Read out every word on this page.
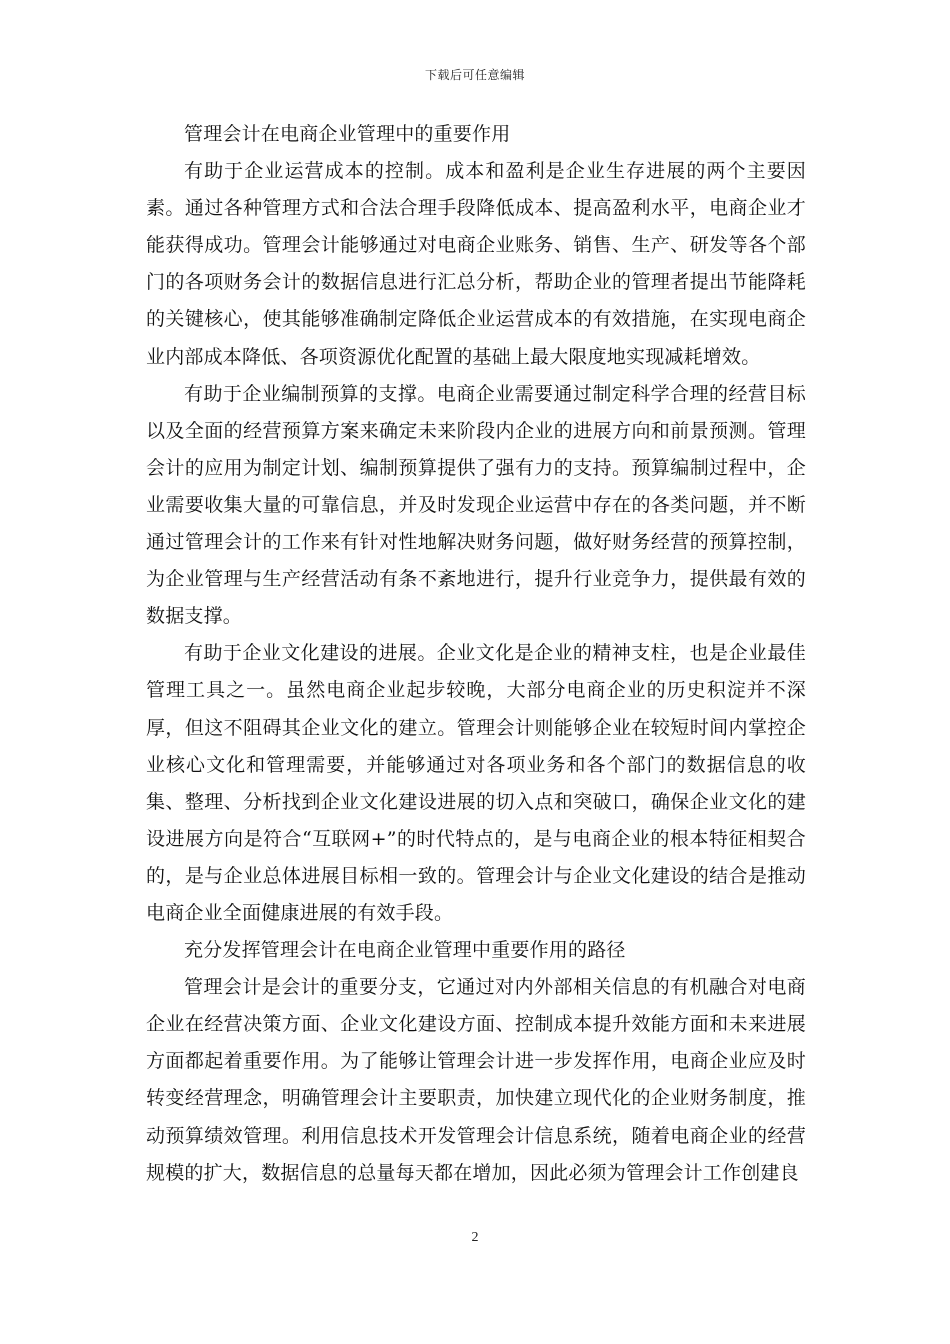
下载后可任意编辑

管理会计在电商企业管理中的重要作用

有助于企业运营成本的控制。成本和盈利是企业生存进展的两个主要因素。通过各种管理方式和合法合理手段降低成本、提高盈利水平，电商企业才能获得成功。管理会计能够通过对电商企业账务、销售、生产、研发等各个部门的各项财务会计的数据信息进行汇总分析，帮助企业的管理者提出节能降耗的关键核心，使其能够准确制定降低企业运营成本的有效措施，在实现电商企业内部成本降低、各项资源优化配置的基础上最大限度地实现减耗增效。

有助于企业编制预算的支撑。电商企业需要通过制定科学合理的经营目标以及全面的经营预算方案来确定未来阶段内企业的进展方向和前景预测。管理会计的应用为制定计划、编制预算提供了强有力的支持。预算编制过程中，企业需要收集大量的可靠信息，并及时发现企业运营中存在的各类问题，并不断通过管理会计的工作来有针对性地解决财务问题，做好财务经营的预算控制，为企业管理与生产经营活动有条不紊地进行，提升行业竞争力，提供最有效的数据支撑。

有助于企业文化建设的进展。企业文化是企业的精神支柱，也是企业最佳管理工具之一。虽然电商企业起步较晚，大部分电商企业的历史积淀并不深厚，但这不阻碍其企业文化的建立。管理会计则能够企业在较短时间内掌控企业核心文化和管理需要，并能够通过对各项业务和各个部门的数据信息的收集、整理、分析找到企业文化建设进展的切入点和突破口，确保企业文化的建设进展方向是符合“互联网+”的时代特点的，是与电商企业的根本特征相契合的，是与企业总体进展目标相一致的。管理会计与企业文化建设的结合是推动电商企业全面健康进展的有效手段。

充分发挥管理会计在电商企业管理中重要作用的路径

管理会计是会计的重要分支，它通过对内外部相关信息的有机融合对电商企业在经营决策方面、企业文化建设方面、控制成本提升效能方面和未来进展方面都起着重要作用。为了能够让管理会计进一步发挥作用，电商企业应及时转变经营理念，明确管理会计主要职责，加快建立现代化的企业财务制度，推动预算绩效管理。利用信息技术开发管理会计信息系统，随着电商企业的经营规模的扩大，数据信息的总量每天都在增加，因此必须为管理会计工作创建良

2
